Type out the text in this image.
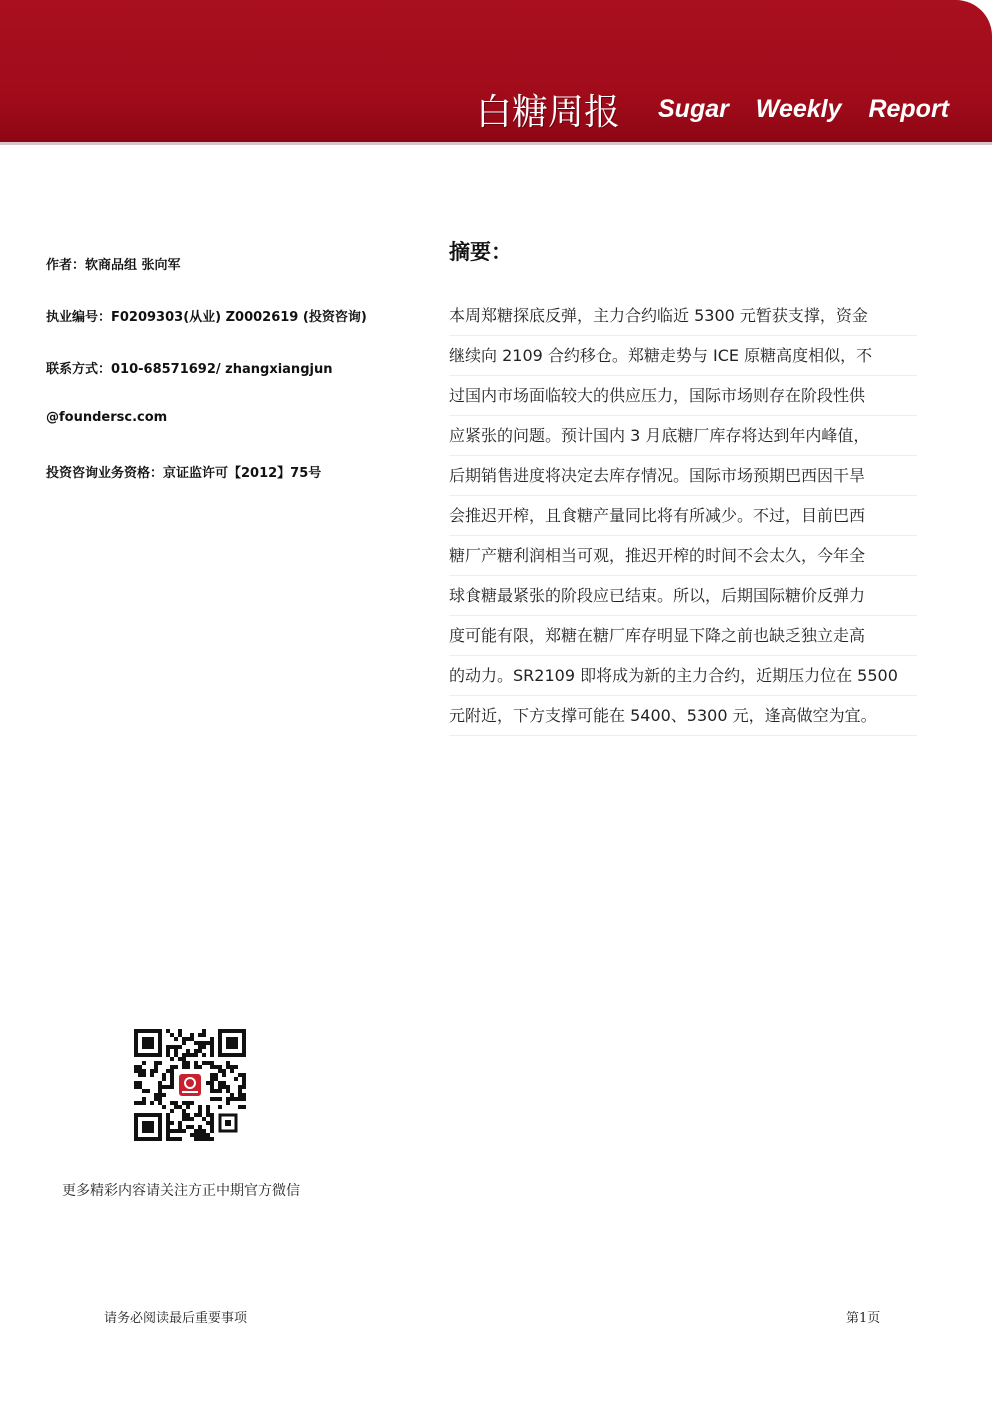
白糖周报 Sugar Weekly Report
作者：软商品组 张向军
执业编号：F0209303(从业) Z0002619 (投资咨询)
联系方式：010-68571692/ zhangxiangjun
@foundersc.com
投资咨询业务资格：京证监许可【2012】75号
摘要：
本周郑糖探底反弹，主力合约临近 5300 元暂获支撑，资金
继续向 2109 合约移仓。郑糖走势与 ICE 原糖高度相似，不
过国内市场面临较大的供应压力，国际市场则存在阶段性供
应紧张的问题。预计国内 3 月底糖厂库存将达到年内峰值，
后期销售进度将决定去库存情况。国际市场预期巴西因干旱
会推迟开榨，且食糖产量同比将有所减少。不过，目前巴西
糖厂产糖利润相当可观，推迟开榨的时间不会太久，今年全
球食糖最紧张的阶段应已结束。所以，后期国际糖价反弹力
度可能有限，郑糖在糖厂库存明显下降之前也缺乏独立走高
的动力。SR2109 即将成为新的主力合约，近期压力位在 5500
元附近，下方支撑可能在 5400、5300 元，逢高做空为宜。
更多精彩内容请关注方正中期官方微信
请务必阅读最后重要事项	第1页
